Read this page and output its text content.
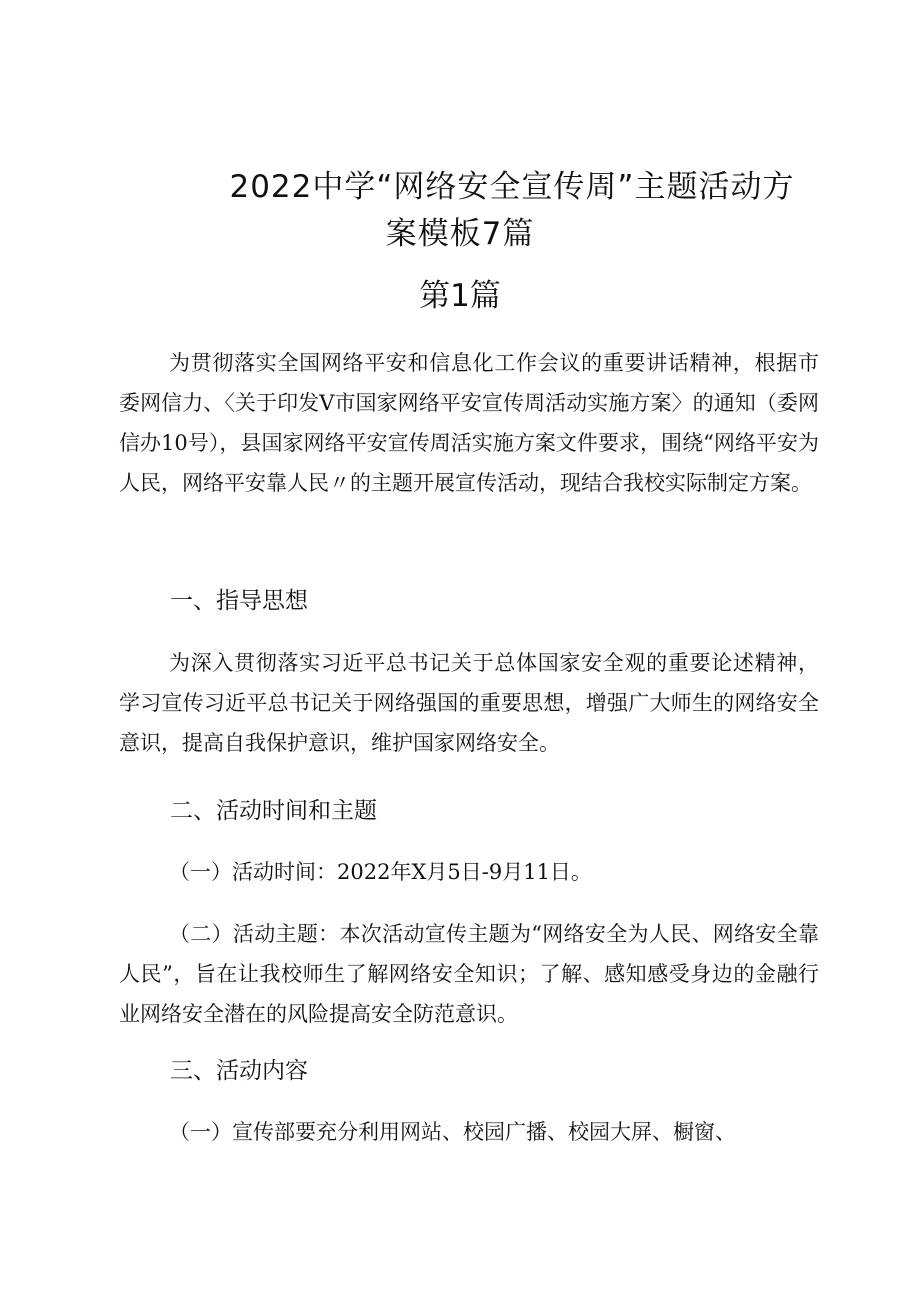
2022中学“网络安全宣传周”主题活动方
案模板7篇
第1篇
为贯彻落实全国网络平安和信息化工作会议的重要讲话精神，根据市委网信力、〈关于印发V市国家网络平安宣传周活动实施方案〉的通知（委网信办10号），县国家网络平安宣传周活实施方案文件要求，围绕“网络平安为人民，网络平安靠人民〃的主题开展宣传活动，现结合我校实际制定方案。
一、指导思想
为深入贯彻落实习近平总书记关于总体国家安全观的重要论述精神，学习宣传习近平总书记关于网络强国的重要思想，增强广大师生的网络安全意识，提高自我保护意识，维护国家网络安全。
二、活动时间和主题
（一）活动时间：2022年X月5日-9月11日。
（二）活动主题：本次活动宣传主题为“网络安全为人民、网络安全靠人民”，旨在让我校师生了解网络安全知识；了解、感知感受身边的金融行业网络安全潜在的风险提高安全防范意识。
三、活动内容
（一）宣传部要充分利用网站、校园广播、校园大屏、橱窗、
